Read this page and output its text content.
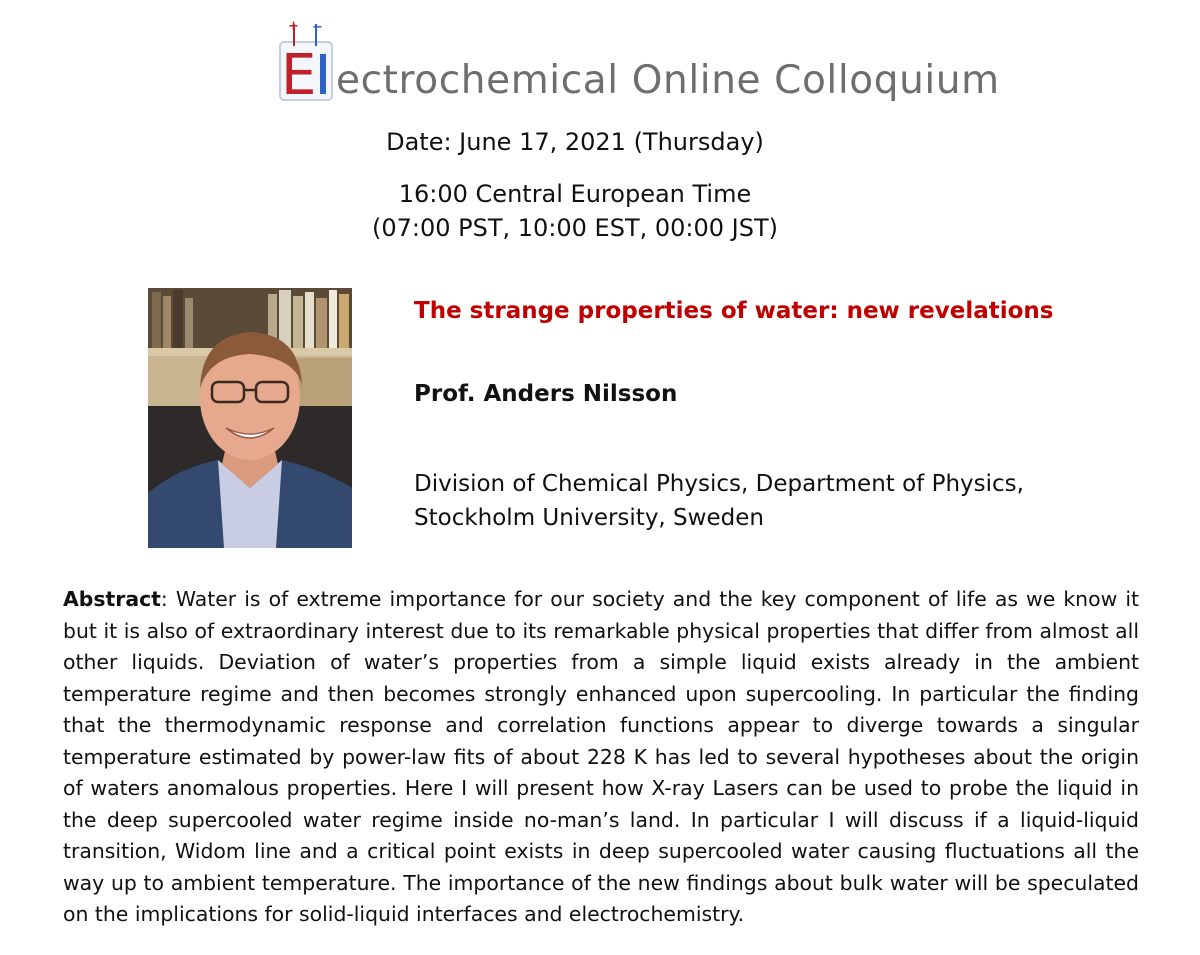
+ −
E ectrochemical Online Colloquium
Date: June 17, 2021 (Thursday)
16:00 Central European Time
(07:00 PST, 10:00 EST, 00:00 JST)
The strange properties of water: new revelations
Prof. Anders Nilsson
Division of Chemical Physics, Department of Physics,
Stockholm University, Sweden
Abstract: Water is of extreme importance for our society and the key component of life as we know it but it is also of extraordinary interest due to its remarkable physical properties that differ from almost all other liquids. Deviation of water’s properties from a simple liquid exists already in the ambient temperature regime and then becomes strongly enhanced upon supercooling. In particular the finding that the thermodynamic response and correlation functions appear to diverge towards a singular temperature estimated by power-law fits of about 228 K has led to several hypotheses about the origin of waters anomalous properties. Here I will present how X-ray Lasers can be used to probe the liquid in the deep supercooled water regime inside no-man’s land. In particular I will discuss if a liquid-liquid transition, Widom line and a critical point exists in deep supercooled water causing fluctuations all the way up to ambient temperature. The importance of the new findings about bulk water will be speculated on the implications for solid-liquid interfaces and electrochemistry.
